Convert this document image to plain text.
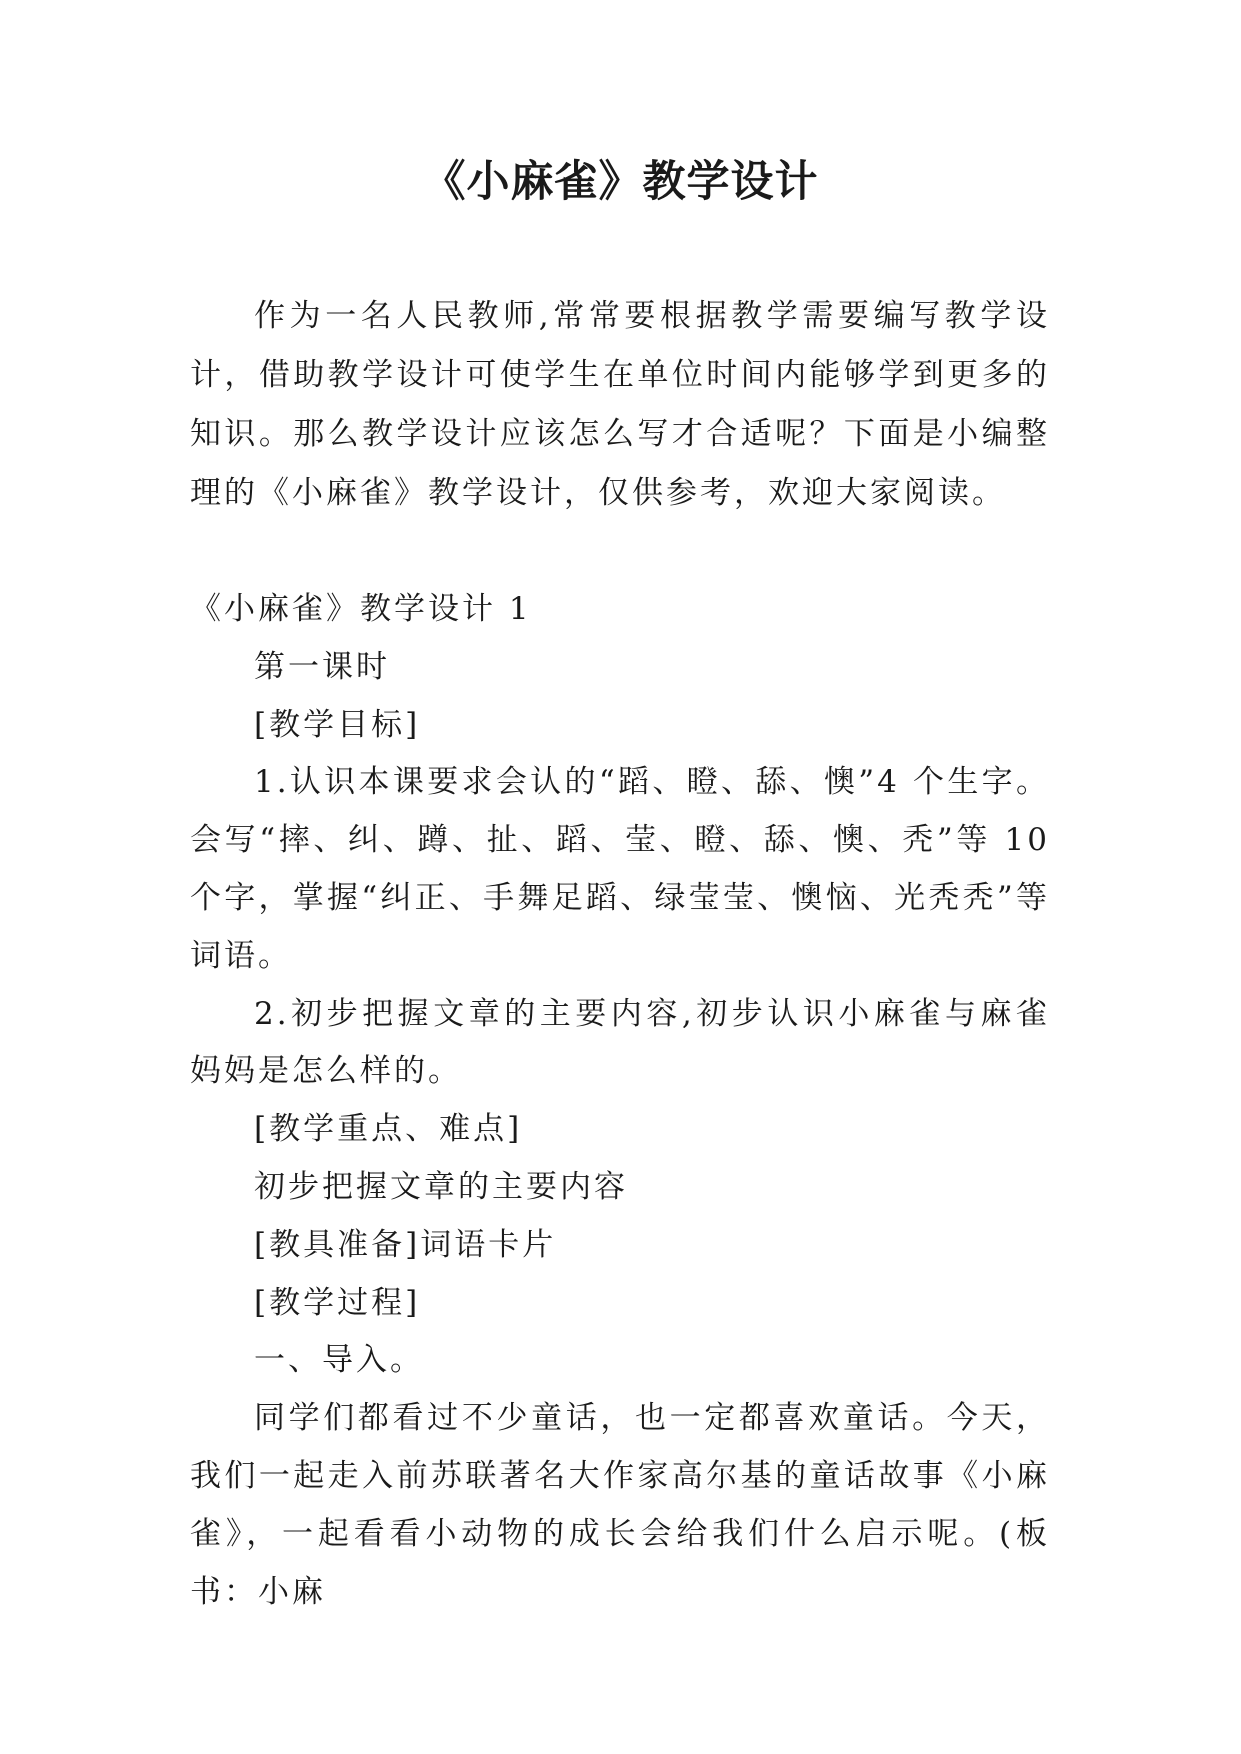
《小麻雀》教学设计

作为一名人民教师,常常要根据教学需要编写教学设计，借助教学设计可使学生在单位时间内能够学到更多的知识。那么教学设计应该怎么写才合适呢？下面是小编整理的《小麻雀》教学设计，仅供参考，欢迎大家阅读。

《小麻雀》教学设计 1

第一课时

[教学目标]

1.认识本课要求会认的“蹈、瞪、舔、懊”4 个生字。会写“摔、纠、蹲、扯、蹈、莹、瞪、舔、懊、秃”等 10 个字，掌握“纠正、手舞足蹈、绿莹莹、懊恼、光秃秃”等词语。

2.初步把握文章的主要内容,初步认识小麻雀与麻雀妈妈是怎么样的。

[教学重点、难点]

初步把握文章的主要内容

[教具准备]词语卡片

[教学过程]

一、导入。

同学们都看过不少童话，也一定都喜欢童话。今天，我们一起走入前苏联著名大作家高尔基的童话故事《小麻雀》，一起看看小动物的成长会给我们什么启示呢。(板书：小麻
